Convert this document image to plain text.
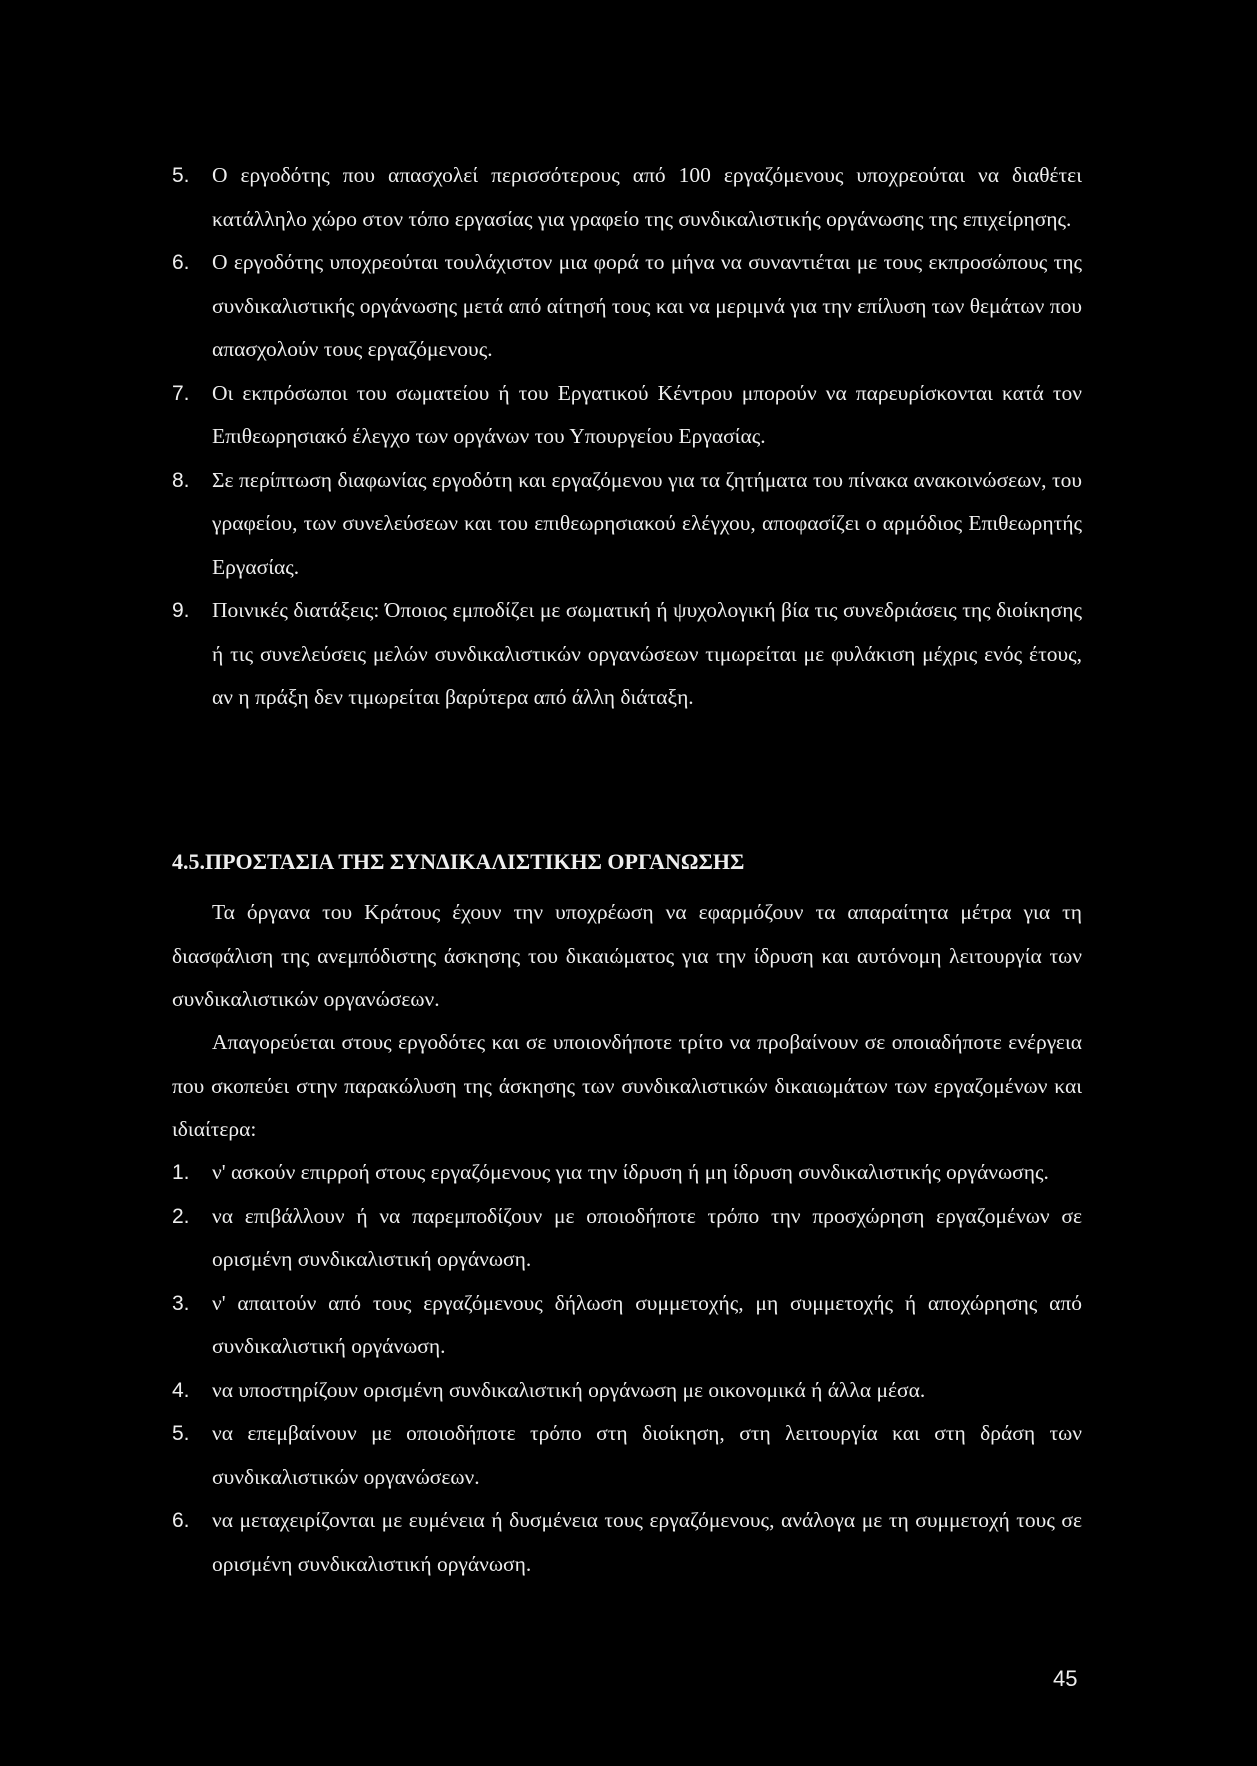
5.	Ο εργοδότης που απασχολεί περισσότερους από 100 εργαζόμενους υποχρεούται να διαθέτει κατάλληλο χώρο στον τόπο εργασίας για γραφείο της συνδικαλιστικής οργάνωσης της επιχείρησης.
6.	Ο εργοδότης υποχρεούται τουλάχιστον μια φορά το μήνα να συναντιέται με τους εκπροσώπους της συνδικαλιστικής οργάνωσης μετά από αίτησή τους και να μεριμνά για την επίλυση των θεμάτων που απασχολούν τους εργαζόμενους.
7.	Οι εκπρόσωποι του σωματείου ή του Εργατικού Κέντρου μπορούν να παρευρίσκονται κατά τον Επιθεωρησιακό έλεγχο των οργάνων του Υπουργείου Εργασίας.
8.	Σε περίπτωση διαφωνίας εργοδότη και εργαζόμενου για τα ζητήματα του πίνακα ανακοινώσεων, του γραφείου, των συνελεύσεων και του επιθεωρησιακού ελέγχου, αποφασίζει ο αρμόδιος Επιθεωρητής Εργασίας.
9.	Ποινικές διατάξεις: Όποιος εμποδίζει με σωματική ή ψυχολογική βία τις συνεδριάσεις της διοίκησης ή τις συνελεύσεις μελών συνδικαλιστικών οργανώσεων τιμωρείται με φυλάκιση μέχρις ενός έτους, αν η πράξη δεν τιμωρείται βαρύτερα από άλλη διάταξη.
4.5.ΠΡΟΣΤΑΣΙΑ ΤΗΣ ΣΥΝΔΙΚΑΛΙΣΤΙΚΗΣ ΟΡΓΑΝΩΣΗΣ

Τα όργανα του Κράτους έχουν την υποχρέωση να εφαρμόζουν τα απαραίτητα μέτρα για τη διασφάλιση της ανεμπόδιστης άσκησης του δικαιώματος για την ίδρυση και αυτόνομη λειτουργία των συνδικαλιστικών οργανώσεων.

Απαγορεύεται στους εργοδότες και σε υποιονδήποτε τρίτο να προβαίνουν σε οποιαδήποτε ενέργεια που σκοπεύει στην παρακώλυση της άσκησης των συνδικαλιστικών δικαιωμάτων των εργαζομένων και ιδιαίτερα:

1.	ν' ασκούν επιρροή στους εργαζόμενους για την ίδρυση ή μη ίδρυση συνδικαλιστικής οργάνωσης.
2.	να επιβάλλουν ή να παρεμποδίζουν με οποιοδήποτε τρόπο την προσχώρηση εργαζομένων σε ορισμένη συνδικαλιστική οργάνωση.
3.	ν' απαιτούν από τους εργαζόμενους δήλωση συμμετοχής, μη συμμετοχής ή αποχώρησης από συνδικαλιστική οργάνωση.
4.	να υποστηρίζουν ορισμένη συνδικαλιστική οργάνωση με οικονομικά ή άλλα μέσα.
5.	να επεμβαίνουν με οποιοδήποτε τρόπο στη διοίκηση, στη λειτουργία και στη δράση των συνδικαλιστικών οργανώσεων.
6.	να μεταχειρίζονται με ευμένεια ή δυσμένεια τους εργαζόμενους, ανάλογα με τη συμμετοχή τους σε ορισμένη συνδικαλιστική οργάνωση.
45
